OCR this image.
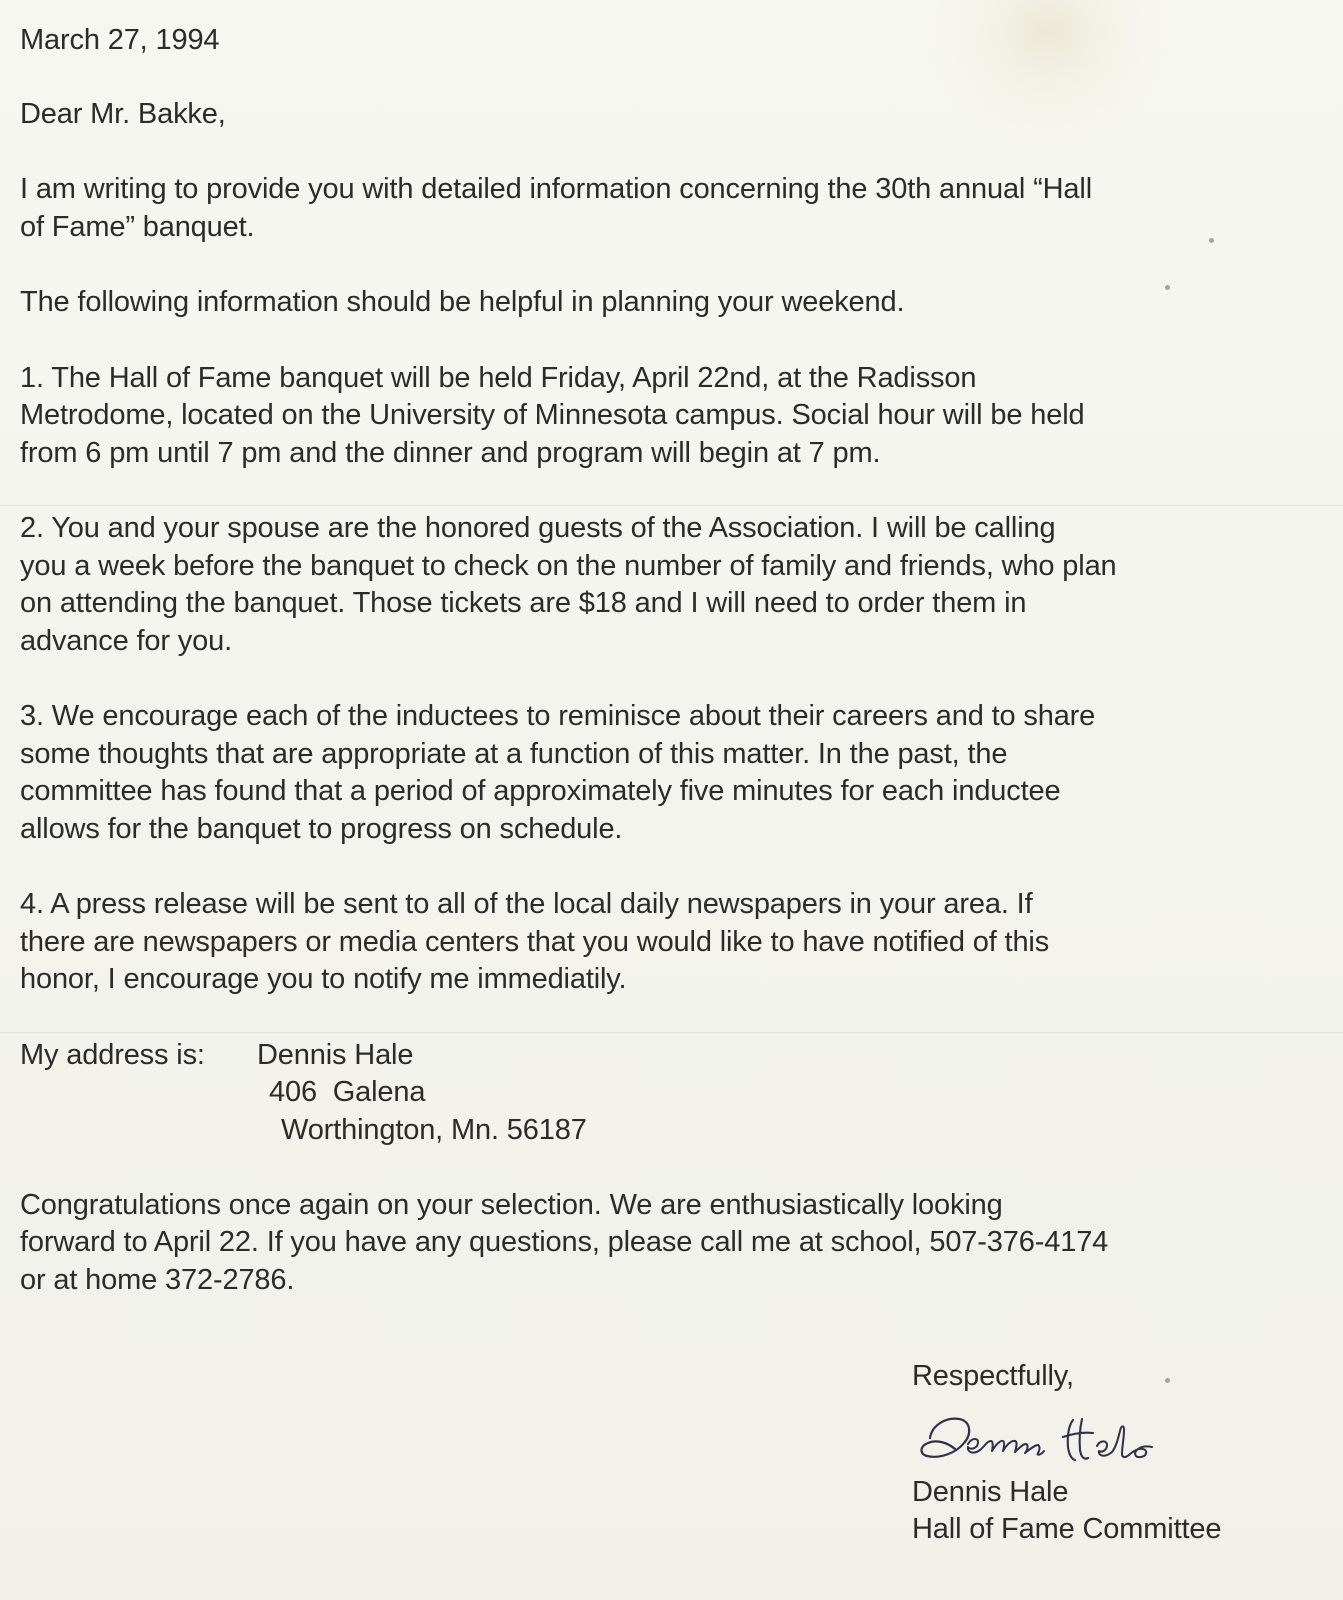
March 27, 1994
Dear Mr. Bakke,
I am writing to provide you with detailed information concerning the 30th annual “Hall
of Fame” banquet.
The following information should be helpful in planning your weekend.
1. The Hall of Fame banquet will be held Friday, April 22nd, at the Radisson
Metrodome, located on the University of Minnesota campus. Social hour will be held
from 6 pm until 7 pm and the dinner and program will begin at 7 pm.
2. You and your spouse are the honored guests of the Association. I will be calling
you a week before the banquet to check on the number of family and friends, who plan
on attending the banquet. Those tickets are $18 and I will need to order them in
advance for you.
3. We encourage each of the inductees to reminisce about their careers and to share
some thoughts that are appropriate at a function of this matter. In the past, the
committee has found that a period of approximately five minutes for each inductee
allows for the banquet to progress on schedule.
4. A press release will be sent to all of the local daily newspapers in your area. If
there are newspapers or media centers that you would like to have notified of this
honor, I encourage you to notify me immediatily.
My address is: Dennis Hale
406  Galena
Worthington, Mn. 56187
Congratulations once again on your selection. We are enthusiastically looking
forward to April 22. If you have any questions, please call me at school, 507-376-4174
or at home 372-2786.
Respectfully,
Dennis Hale
Hall of Fame Committee
